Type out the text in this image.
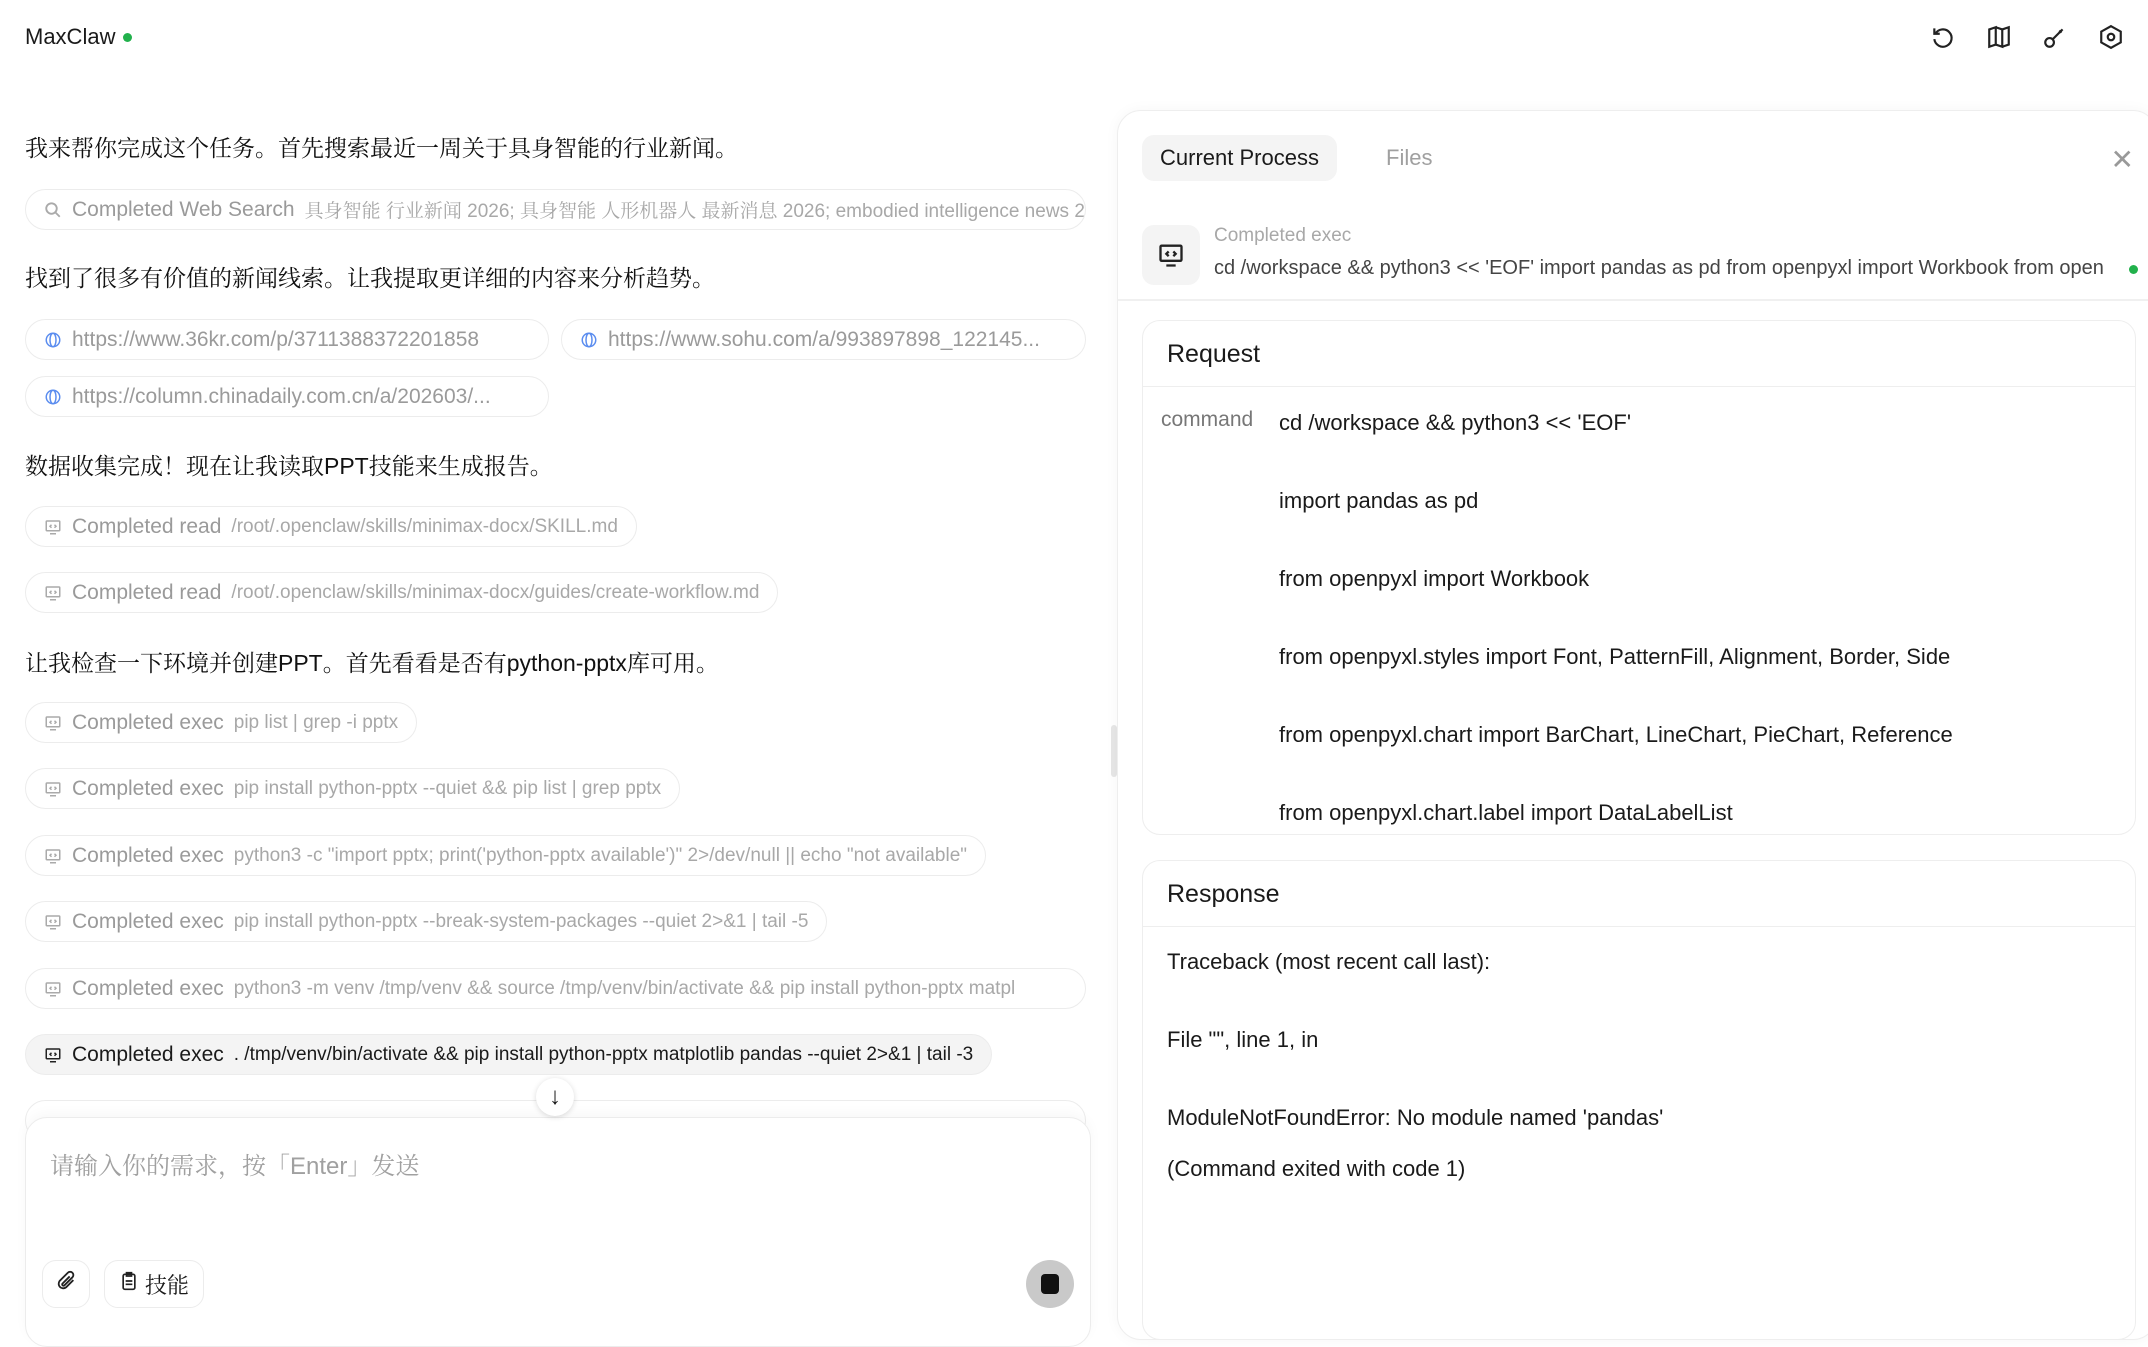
MaxClaw
我来帮你完成这个任务。首先搜索最近一周关于具身智能的行业新闻。
Completed Web Search 具身智能 行业新闻 2026; 具身智能 人形机器人 最新消息 2026; embodied intelligence news 2
找到了很多有价值的新闻线索。让我提取更详细的内容来分析趋势。
https://www.36kr.com/p/3711388372201858	https://www.sohu.com/a/993897898_122145...
https://column.chinadaily.com.cn/a/202603/...
数据收集完成！现在让我读取PPT技能来生成报告。
Completed read /root/.openclaw/skills/minimax-docx/SKILL.md
Completed read /root/.openclaw/skills/minimax-docx/guides/create-workflow.md
让我检查一下环境并创建PPT。首先看看是否有python-pptx库可用。
Completed exec pip list | grep -i pptx
Completed exec pip install python-pptx --quiet && pip list | grep pptx
Completed exec python3 -c "import pptx; print('python-pptx available')" 2>/dev/null || echo "not available"
Completed exec pip install python-pptx --break-system-packages --quiet 2>&1 | tail -5
Completed exec python3 -m venv /tmp/venv && source /tmp/venv/bin/activate && pip install python-pptx matpl
Completed exec . /tmp/venv/bin/activate && pip install python-pptx matplotlib pandas --quiet 2>&1 | tail -3
↓
请输入你的需求，按「Enter」发送
技能
Current Process	Files	✕
Completed exec
cd /workspace && python3 << 'EOF' import pandas as pd from openpyxl import Workbook from open
Request
command cd /workspace && python3 << 'EOF'
import pandas as pd
from openpyxl import Workbook
from openpyxl.styles import Font, PatternFill, Alignment, Border, Side
from openpyxl.chart import BarChart, LineChart, PieChart, Reference
from openpyxl.chart.label import DataLabelList
Response
Traceback (most recent call last):
File "", line 1, in
ModuleNotFoundError: No module named 'pandas'
(Command exited with code 1)
